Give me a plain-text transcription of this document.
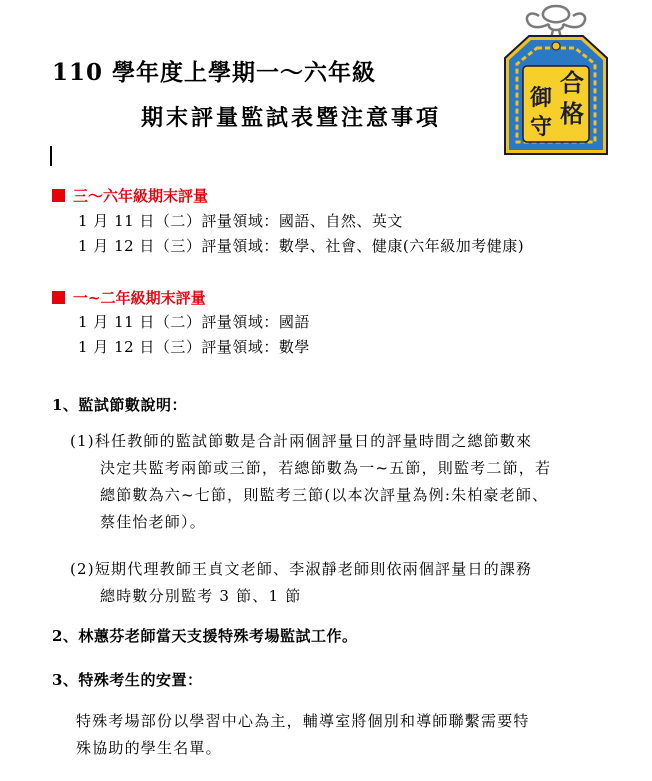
110 學年度上學期一～六年級
期末評量監試表暨注意事項
合
格
御
守
三～六年級期末評量
1 月 11 日（二）評量領域：國語、自然、英文
1 月 12 日（三）評量領域：數學、社會、健康(六年級加考健康)
一~二年級期末評量
1 月 11 日（二）評量領域：國語
1 月 12 日（三）評量領域：數學
1、監試節數說明：
(1)科任教師的監試節數是合計兩個評量日的評量時間之總節數來
決定共監考兩節或三節，若總節數為一~五節，則監考二節，若
總節數為六~七節，則監考三節(以本次評量為例:朱柏豪老師、
蔡佳怡老師）。
(2)短期代理教師王貞文老師、李淑靜老師則依兩個評量日的課務
總時數分別監考 3 節、1 節
2、林蕙芬老師當天支援特殊考場監試工作。
3、特殊考生的安置：
特殊考場部份以學習中心為主，輔導室將個別和導師聯繫需要特
殊協助的學生名單。
